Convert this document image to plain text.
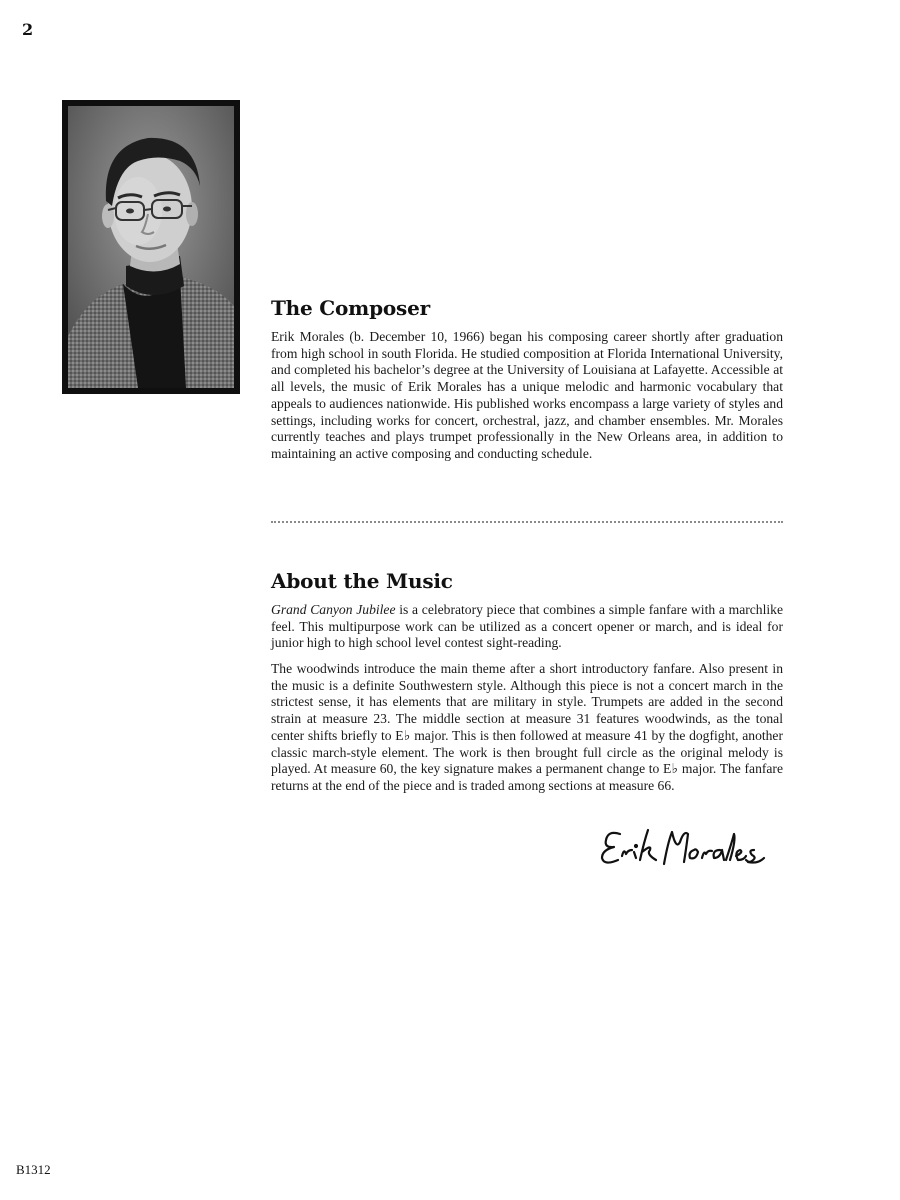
2
The Composer

Erik Morales (b. December 10, 1966) began his composing career shortly after graduation from high school in south Florida. He studied composition at Florida International University, and completed his bachelor’s degree at the University of Louisiana at Lafayette. Accessible at all levels, the music of Erik Morales has a unique melodic and harmonic vocabulary that appeals to audiences nationwide. His published works encompass a large variety of styles and settings, including works for concert, orchestral, jazz, and chamber ensembles. Mr. Morales currently teaches and plays trumpet professionally in the New Orleans area, in addition to maintaining an active composing and conducting schedule.

About the Music

Grand Canyon Jubilee is a celebratory piece that combines a simple fanfare with a marchlike feel. This multipurpose work can be utilized as a concert opener or march, and is ideal for junior high to high school level contest sight-reading.

The woodwinds introduce the main theme after a short introductory fanfare. Also present in the music is a definite Southwestern style. Although this piece is not a concert march in the strictest sense, it has elements that are military in style. Trumpets are added in the second strain at measure 23. The middle section at measure 31 features woodwinds, as the tonal center shifts briefly to E♭ major. This is then followed at measure 41 by the dogfight, another classic march-style element. The work is then brought full circle as the original melody is played. At measure 60, the key signature makes a permanent change to E♭ major. The fanfare returns at the end of the piece and is traded among sections at measure 66.

B1312
